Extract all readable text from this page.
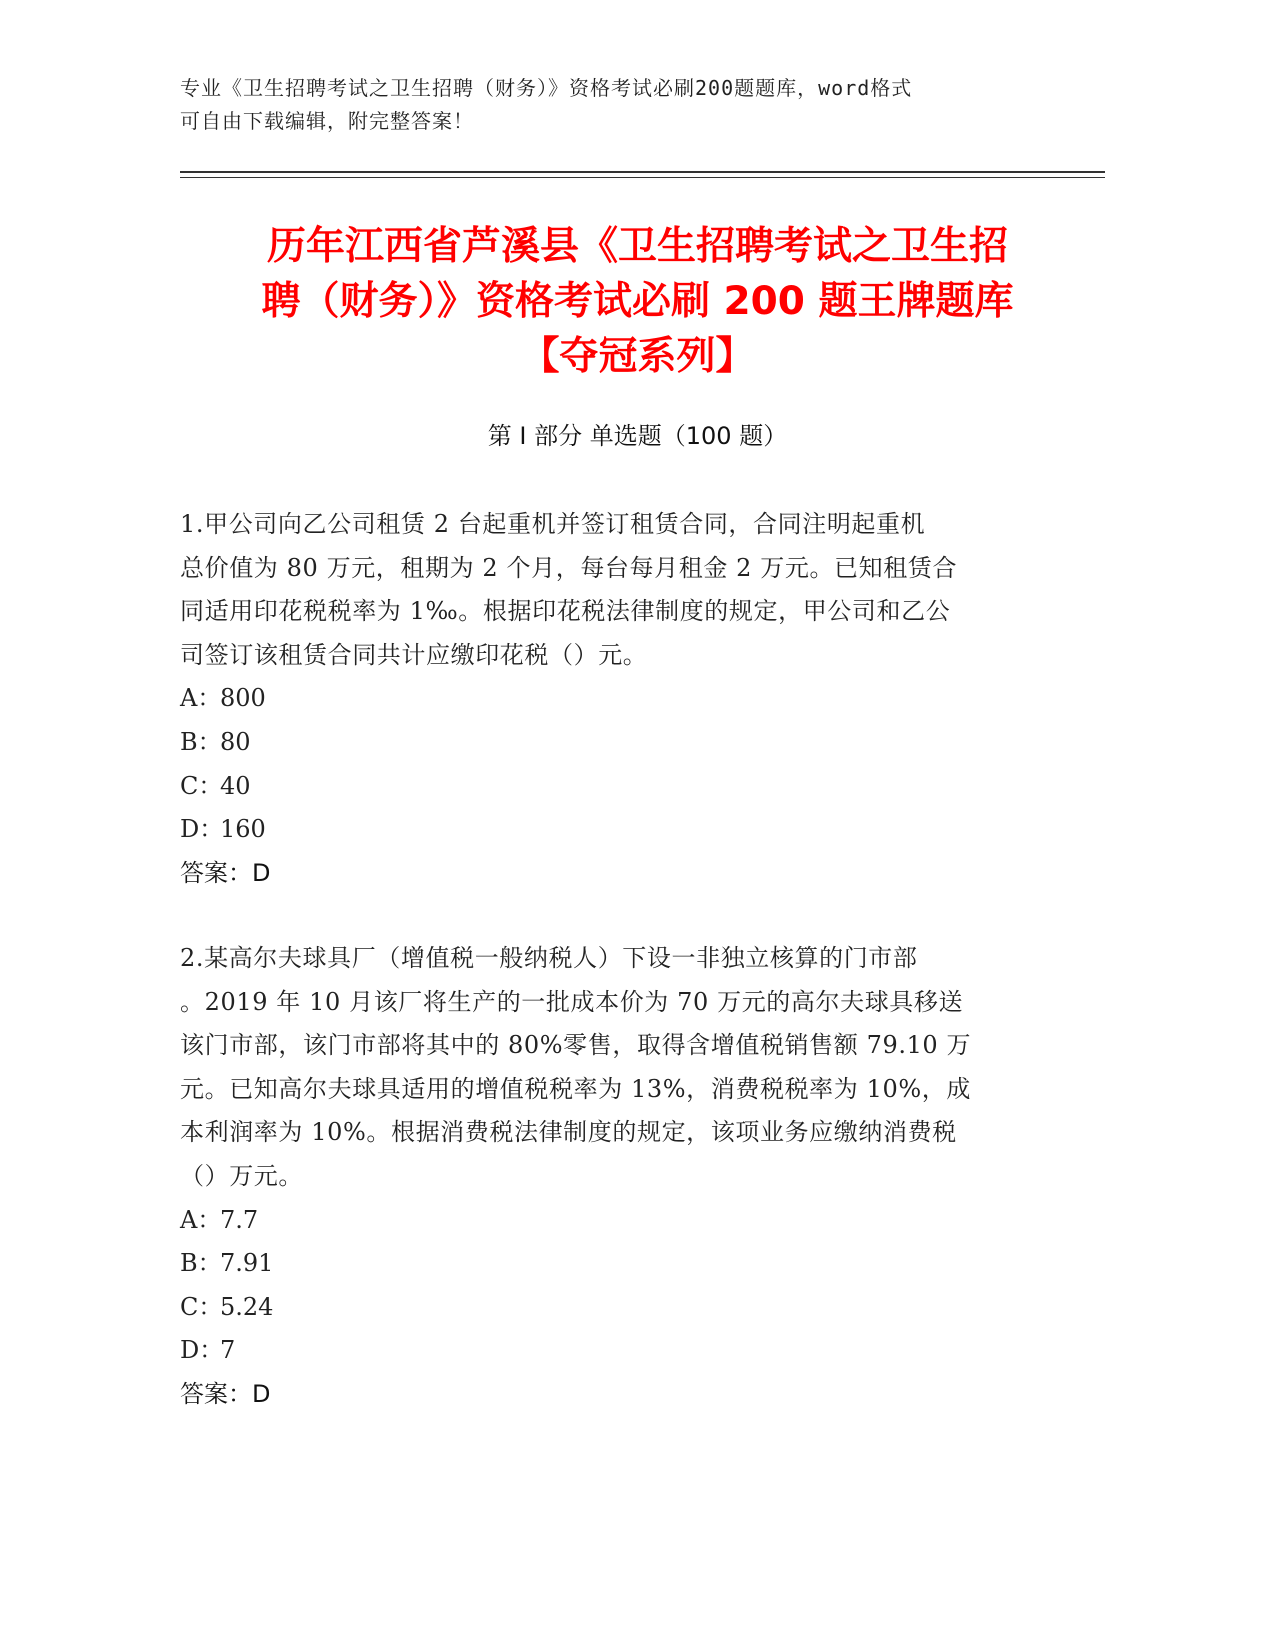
专业《卫生招聘考试之卫生招聘（财务）》资格考试必刷200题题库，word格式
可自由下载编辑，附完整答案！
历年江西省芦溪县《卫生招聘考试之卫生招
聘（财务）》资格考试必刷 200 题王牌题库
【夺冠系列】
第 I 部分 单选题（100 题）
1.甲公司向乙公司租赁 2 台起重机并签订租赁合同，合同注明起重机
总价值为 80 万元，租期为 2 个月，每台每月租金 2 万元。已知租赁合
同适用印花税税率为 1‰。根据印花税法律制度的规定，甲公司和乙公
司签订该租赁合同共计应缴印花税（）元。
A：800
B：80
C：40
D：160
答案：D
2.某高尔夫球具厂（增值税一般纳税人）下设一非独立核算的门市部
。2019 年 10 月该厂将生产的一批成本价为 70 万元的高尔夫球具移送
该门市部，该门市部将其中的 80%零售，取得含增值税销售额 79.10 万
元。已知高尔夫球具适用的增值税税率为 13%，消费税税率为 10%，成
本利润率为 10%。根据消费税法律制度的规定，该项业务应缴纳消费税
（）万元。
A：7.7
B：7.91
C：5.24
D：7
答案：D
